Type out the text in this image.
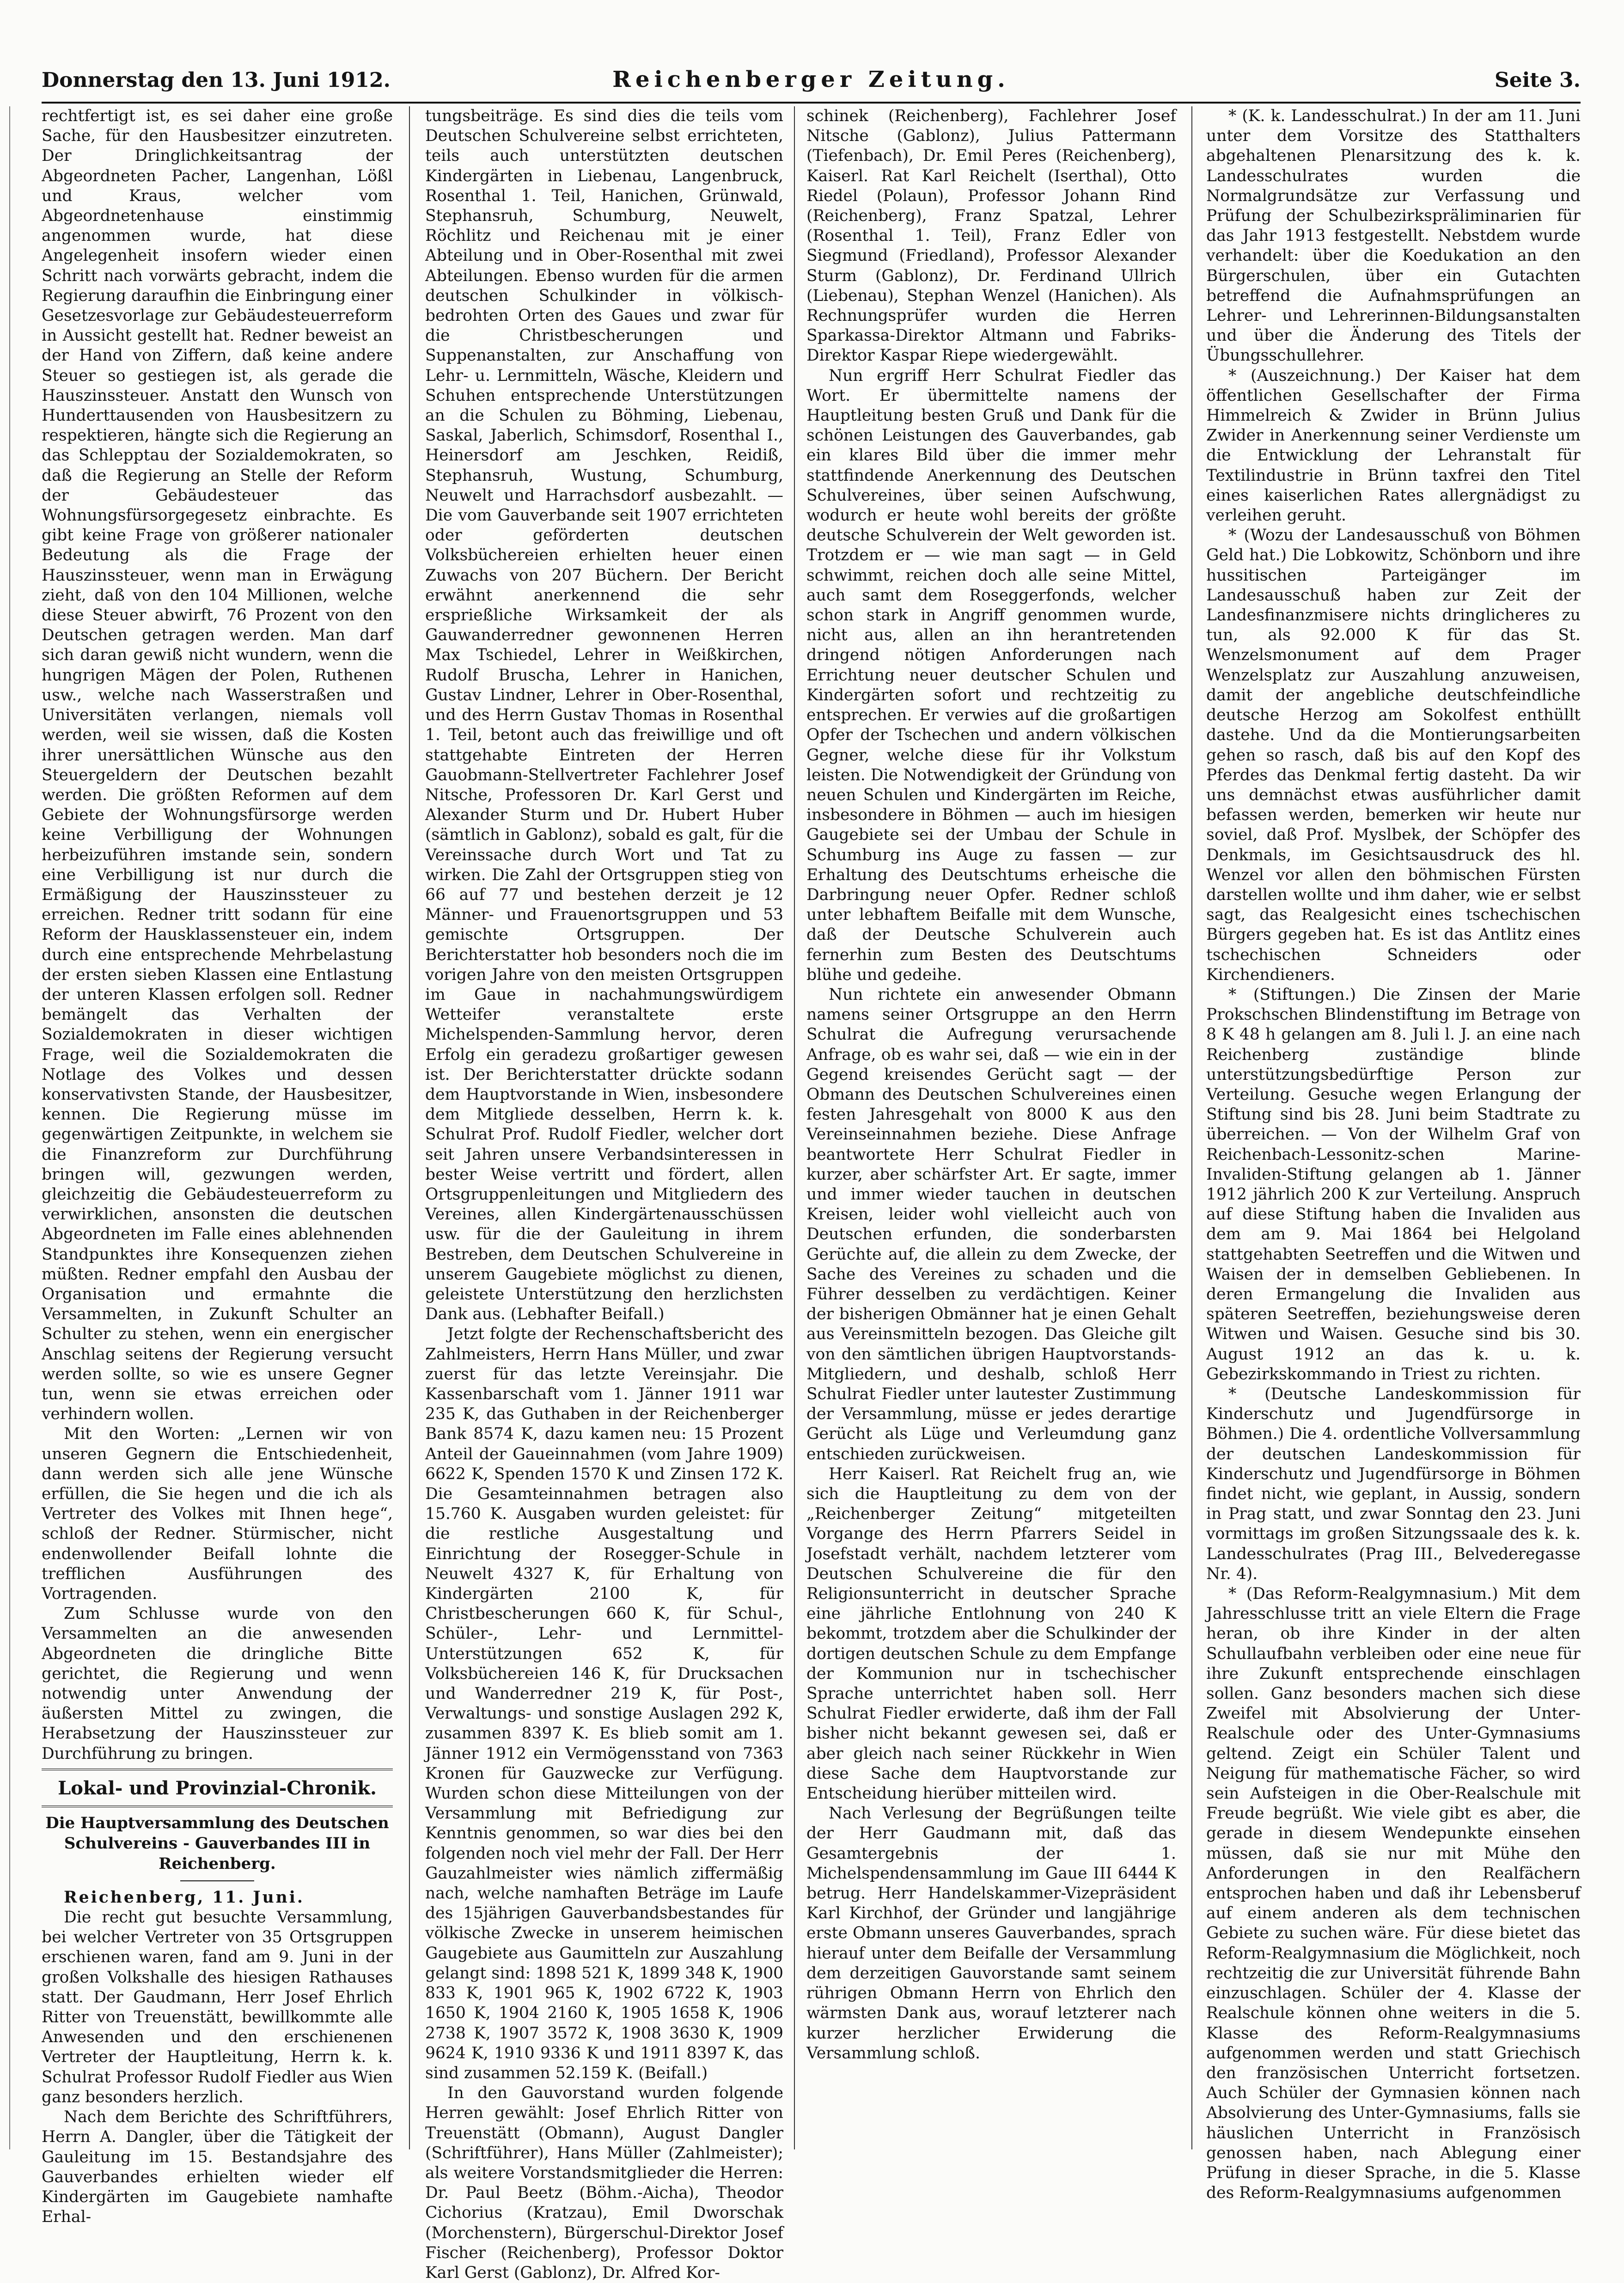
Donnerstag den 13. Juni 1912.	Reichenberger Zeitung.	Seite 3.

rechtfertigt ist, es sei daher eine große Sache, für den Hausbesitzer einzutreten. Der Dringlichkeitsantrag der Abgeordneten Pacher, Langenhan, Lößl und Kraus, welcher vom Abgeordnetenhause einstimmig angenommen wurde, hat diese Angelegenheit insofern wieder einen Schritt nach vorwärts gebracht, indem die Regierung daraufhin die Einbringung einer Gesetzesvorlage zur Gebäudesteuerreform in Aussicht gestellt hat. Redner beweist an der Hand von Ziffern, daß keine andere Steuer so gestiegen ist, als gerade die Hauszinssteuer. Anstatt den Wunsch von Hunderttausenden von Hausbesitzern zu respektieren, hängte sich die Regierung an das Schlepptau der Sozialdemokraten, so daß die Regierung an Stelle der Reform der Gebäudesteuer das Wohnungsfürsorgegesetz einbrachte. Es gibt keine Frage von größerer nationaler Bedeutung als die Frage der Hauszinssteuer, wenn man in Erwägung zieht, daß von den 104 Millionen, welche diese Steuer abwirft, 76 Prozent von den Deutschen getragen werden. Man darf sich daran gewiß nicht wundern, wenn die hungrigen Mägen der Polen, Ruthenen usw., welche nach Wasserstraßen und Universitäten verlangen, niemals voll werden, weil sie wissen, daß die Kosten ihrer unersättlichen Wünsche aus den Steuergeldern der Deutschen bezahlt werden. Die größten Reformen auf dem Gebiete der Wohnungsfürsorge werden keine Verbilligung der Wohnungen herbeizuführen imstande sein, sondern eine Verbilligung ist nur durch die Ermäßigung der Hauszinssteuer zu erreichen. Redner tritt sodann für eine Reform der Hausklassensteuer ein, indem durch eine entsprechende Mehrbelastung der ersten sieben Klassen eine Entlastung der unteren Klassen erfolgen soll. Redner bemängelt das Verhalten der Sozialdemokraten in dieser wichtigen Frage, weil die Sozialdemokraten die Notlage des Volkes und dessen konservativsten Stande, der Hausbesitzer, kennen. Die Regierung müsse im gegenwärtigen Zeitpunkte, in welchem sie die Finanzreform zur Durchführung bringen will, gezwungen werden, gleichzeitig die Gebäudesteuerreform zu verwirklichen, ansonsten die deutschen Abgeordneten im Falle eines ablehnenden Standpunktes ihre Konsequenzen ziehen müßten. Redner empfahl den Ausbau der Organisation und ermahnte die Versammelten, in Zukunft Schulter an Schulter zu stehen, wenn ein energischer Anschlag seitens der Regierung versucht werden sollte, so wie es unsere Gegner tun, wenn sie etwas erreichen oder verhindern wollen.

Mit den Worten: „Lernen wir von unseren Gegnern die Entschiedenheit, dann werden sich alle jene Wünsche erfüllen, die Sie hegen und die ich als Vertreter des Volkes mit Ihnen hege“, schloß der Redner. Stürmischer, nicht endenwollender Beifall lohnte die trefflichen Ausführungen des Vortragenden.

Zum Schlusse wurde von den Versammelten an die anwesenden Abgeordneten die dringliche Bitte gerichtet, die Regierung und wenn notwendig unter Anwendung der äußersten Mittel zu zwingen, die Herabsetzung der Hauszinssteuer zur Durchführung zu bringen.

Lokal- und Provinzial-Chronik.

Die Hauptversammlung des Deutschen
Schulvereins - Gauverbandes III in
Reichenberg.

Reichenberg, 11. Juni.

Die recht gut besuchte Versammlung, bei welcher Vertreter von 35 Ortsgruppen erschienen waren, fand am 9. Juni in der großen Volkshalle des hiesigen Rathauses statt. Der Gaudmann, Herr Josef Ehrlich Ritter von Treuenstätt, bewillkommte alle Anwesenden und den erschienenen Vertreter der Hauptleitung, Herrn k. k. Schulrat Professor Rudolf Fiedler aus Wien ganz besonders herzlich.

Nach dem Berichte des Schriftführers, Herrn A. Dangler, über die Tätigkeit der Gauleitung im 15. Bestandsjahre des Gauverbandes erhielten wieder elf Kindergärten im Gaugebiete namhafte Erhal-

tungsbeiträge. Es sind dies die teils vom Deutschen Schulvereine selbst errichteten, teils auch unterstützten deutschen Kindergärten in Liebenau, Langenbruck, Rosenthal 1. Teil, Hanichen, Grünwald, Stephansruh, Schumburg, Neuwelt, Röchlitz und Reichenau mit je einer Abteilung und in Ober-Rosenthal mit zwei Abteilungen. Ebenso wurden für die armen deutschen Schulkinder in völkisch-bedrohten Orten des Gaues und zwar für die Christbescherungen und Suppenanstalten, zur Anschaffung von Lehr- u. Lernmitteln, Wäsche, Kleidern und Schuhen entsprechende Unterstützungen an die Schulen zu Böhming, Liebenau, Saskal, Jaberlich, Schimsdorf, Rosenthal I., Heinersdorf am Jeschken, Reidiß, Stephansruh, Wustung, Schumburg, Neuwelt und Harrachsdorf ausbezahlt. — Die vom Gauverbande seit 1907 errichteten oder geförderten deutschen Volksbüchereien erhielten heuer einen Zuwachs von 207 Büchern. Der Bericht erwähnt anerkennend die sehr ersprießliche Wirksamkeit der als Gauwanderredner gewonnenen Herren Max Tschiedel, Lehrer in Weißkirchen, Rudolf Bruscha, Lehrer in Hanichen, Gustav Lindner, Lehrer in Ober-Rosenthal, und des Herrn Gustav Thomas in Rosenthal 1. Teil, betont auch das freiwillige und oft stattgehabte Eintreten der Herren Gauobmann-Stellvertreter Fachlehrer Josef Nitsche, Professoren Dr. Karl Gerst und Alexander Sturm und Dr. Hubert Huber (sämtlich in Gablonz), sobald es galt, für die Vereinssache durch Wort und Tat zu wirken. Die Zahl der Ortsgruppen stieg von 66 auf 77 und bestehen derzeit je 12 Männer- und Frauenortsgruppen und 53 gemischte Ortsgruppen. Der Berichterstatter hob besonders noch die im vorigen Jahre von den meisten Ortsgruppen im Gaue in nachahmungswürdigem Wetteifer veranstaltete erste Michelspenden-Sammlung hervor, deren Erfolg ein geradezu großartiger gewesen ist. Der Berichterstatter drückte sodann dem Hauptvorstande in Wien, insbesondere dem Mitgliede desselben, Herrn k. k. Schulrat Prof. Rudolf Fiedler, welcher dort seit Jahren unsere Verbandsinteressen in bester Weise vertritt und fördert, allen Ortsgruppenleitungen und Mitgliedern des Vereines, allen Kindergärtenausschüssen usw. für die der Gauleitung in ihrem Bestreben, dem Deutschen Schulvereine in unserem Gaugebiete möglichst zu dienen, geleistete Unterstützung den herzlichsten Dank aus. (Lebhafter Beifall.)

Jetzt folgte der Rechenschaftsbericht des Zahlmeisters, Herrn Hans Müller, und zwar zuerst für das letzte Vereinsjahr. Die Kassenbarschaft vom 1. Jänner 1911 war 235 K, das Guthaben in der Reichenberger Bank 8574 K, dazu kamen neu: 15 Prozent Anteil der Gaueinnahmen (vom Jahre 1909) 6622 K, Spenden 1570 K und Zinsen 172 K. Die Gesamteinnahmen betragen also 15.760 K. Ausgaben wurden geleistet: für die restliche Ausgestaltung und Einrichtung der Rosegger-Schule in Neuwelt 4327 K, für Erhaltung von Kindergärten 2100 K, für Christbescherungen 660 K, für Schul-, Schüler-, Lehr- und Lernmittel-Unterstützungen 652 K, für Volksbüchereien 146 K, für Drucksachen und Wanderredner 219 K, für Post-, Verwaltungs- und sonstige Auslagen 292 K, zusammen 8397 K. Es blieb somit am 1. Jänner 1912 ein Vermögensstand von 7363 Kronen für Gauzwecke zur Verfügung. Wurden schon diese Mitteilungen von der Versammlung mit Befriedigung zur Kenntnis genommen, so war dies bei den folgenden noch viel mehr der Fall. Der Herr Gauzahlmeister wies nämlich ziffermäßig nach, welche namhaften Beträge im Laufe des 15jährigen Gauverbandsbestandes für völkische Zwecke in unserem heimischen Gaugebiete aus Gaumitteln zur Auszahlung gelangt sind: 1898 521 K, 1899 348 K, 1900 833 K, 1901 965 K, 1902 6722 K, 1903 1650 K, 1904 2160 K, 1905 1658 K, 1906 2738 K, 1907 3572 K, 1908 3630 K, 1909 9624 K, 1910 9336 K und 1911 8397 K, das sind zusammen 52.159 K. (Beifall.)

In den Gauvorstand wurden folgende Herren gewählt: Josef Ehrlich Ritter von Treuenstätt (Obmann), August Dangler (Schriftführer), Hans Müller (Zahlmeister); als weitere Vorstandsmitglieder die Herren: Dr. Paul Beetz (Böhm.-Aicha), Theodor Cichorius (Kratzau), Emil Dworschak (Morchenstern), Bürgerschul-Direktor Josef Fischer (Reichenberg), Professor Doktor Karl Gerst (Gablonz), Dr. Alfred Kor-

schinek (Reichenberg), Fachlehrer Josef Nitsche (Gablonz), Julius Pattermann (Tiefenbach), Dr. Emil Peres (Reichenberg), Kaiserl. Rat Karl Reichelt (Iserthal), Otto Riedel (Polaun), Professor Johann Rind (Reichenberg), Franz Spatzal, Lehrer (Rosenthal 1. Teil), Franz Edler von Siegmund (Friedland), Professor Alexander Sturm (Gablonz), Dr. Ferdinand Ullrich (Liebenau), Stephan Wenzel (Hanichen). Als Rechnungsprüfer wurden die Herren Sparkassa-Direktor Altmann und Fabriks-Direktor Kaspar Riepe wiedergewählt.

Nun ergriff Herr Schulrat Fiedler das Wort. Er übermittelte namens der Hauptleitung besten Gruß und Dank für die schönen Leistungen des Gauverbandes, gab ein klares Bild über die immer mehr stattfindende Anerkennung des Deutschen Schulvereines, über seinen Aufschwung, wodurch er heute wohl bereits der größte deutsche Schulverein der Welt geworden ist. Trotzdem er — wie man sagt — in Geld schwimmt, reichen doch alle seine Mittel, auch samt dem Roseggerfonds, welcher schon stark in Angriff genommen wurde, nicht aus, allen an ihn herantretenden dringend nötigen Anforderungen nach Errichtung neuer deutscher Schulen und Kindergärten sofort und rechtzeitig zu entsprechen. Er verwies auf die großartigen Opfer der Tschechen und andern völkischen Gegner, welche diese für ihr Volkstum leisten. Die Notwendigkeit der Gründung von neuen Schulen und Kindergärten im Reiche, insbesondere in Böhmen — auch im hiesigen Gaugebiete sei der Umbau der Schule in Schumburg ins Auge zu fassen — zur Erhaltung des Deutschtums erheische die Darbringung neuer Opfer. Redner schloß unter lebhaftem Beifalle mit dem Wunsche, daß der Deutsche Schulverein auch fernerhin zum Besten des Deutschtums blühe und gedeihe.

Nun richtete ein anwesender Obmann namens seiner Ortsgruppe an den Herrn Schulrat die Aufregung verursachende Anfrage, ob es wahr sei, daß — wie ein in der Gegend kreisendes Gerücht sagt — der Obmann des Deutschen Schulvereines einen festen Jahresgehalt von 8000 K aus den Vereinseinnahmen beziehe. Diese Anfrage beantwortete Herr Schulrat Fiedler in kurzer, aber schärfster Art. Er sagte, immer und immer wieder tauchen in deutschen Kreisen, leider wohl vielleicht auch von Deutschen erfunden, die sonderbarsten Gerüchte auf, die allein zu dem Zwecke, der Sache des Vereines zu schaden und die Führer desselben zu verdächtigen. Keiner der bisherigen Obmänner hat je einen Gehalt aus Vereinsmitteln bezogen. Das Gleiche gilt von den sämtlichen übrigen Hauptvorstands-Mitgliedern, und deshalb, schloß Herr Schulrat Fiedler unter lautester Zustimmung der Versammlung, müsse er jedes derartige Gerücht als Lüge und Verleumdung ganz entschieden zurückweisen.

Herr Kaiserl. Rat Reichelt frug an, wie sich die Hauptleitung zu dem von der „Reichenberger Zeitung“ mitgeteilten Vorgange des Herrn Pfarrers Seidel in Josefstadt verhält, nachdem letzterer vom Deutschen Schulvereine die für den Religionsunterricht in deutscher Sprache eine jährliche Entlohnung von 240 K bekommt, trotzdem aber die Schulkinder der dortigen deutschen Schule zu dem Empfange der Kommunion nur in tschechischer Sprache unterrichtet haben soll. Herr Schulrat Fiedler erwiderte, daß ihm der Fall bisher nicht bekannt gewesen sei, daß er aber gleich nach seiner Rückkehr in Wien diese Sache dem Hauptvorstande zur Entscheidung hierüber mitteilen wird.

Nach Verlesung der Begrüßungen teilte der Herr Gaudmann mit, daß das Gesamtergebnis der 1. Michelspendensammlung im Gaue III 6444 K betrug. Herr Handelskammer-Vizepräsident Karl Kirchhof, der Gründer und langjährige erste Obmann unseres Gauverbandes, sprach hierauf unter dem Beifalle der Versammlung dem derzeitigen Gauvorstande samt seinem rührigen Obmann Herrn von Ehrlich den wärmsten Dank aus, worauf letzterer nach kurzer herzlicher Erwiderung die Versammlung schloß.

* (K. k. Landesschulrat.) In der am 11. Juni unter dem Vorsitze des Statthalters abgehaltenen Plenarsitzung des k. k. Landesschulrates wurden die Normalgrundsätze zur Verfassung und Prüfung der Schulbezirkspräliminarien für das Jahr 1913 festgestellt. Nebstdem wurde verhandelt: über die Koedukation an den Bürgerschulen, über ein Gutachten betreffend die Aufnahmsprüfungen an Lehrer- und Lehrerinnen-Bildungsanstalten und über die Änderung des Titels der Übungsschullehrer.

* (Auszeichnung.) Der Kaiser hat dem öffentlichen Gesellschafter der Firma Himmelreich & Zwider in Brünn Julius Zwider in Anerkennung seiner Verdienste um die Entwicklung der Lehranstalt für Textilindustrie in Brünn taxfrei den Titel eines kaiserlichen Rates allergnädigst zu verleihen geruht.

* (Wozu der Landesausschuß von Böhmen Geld hat.) Die Lobkowitz, Schönborn und ihre hussitischen Parteigänger im Landesausschuß haben zur Zeit der Landesfinanzmisere nichts dringlicheres zu tun, als 92.000 K für das St. Wenzelsmonument auf dem Prager Wenzelsplatz zur Auszahlung anzuweisen, damit der angebliche deutschfeindliche deutsche Herzog am Sokolfest enthüllt dastehe. Und da die Montierungsarbeiten gehen so rasch, daß bis auf den Kopf des Pferdes das Denkmal fertig dasteht. Da wir uns demnächst etwas ausführlicher damit befassen werden, bemerken wir heute nur soviel, daß Prof. Myslbek, der Schöpfer des Denkmals, im Gesichtsausdruck des hl. Wenzel vor allen den böhmischen Fürsten darstellen wollte und ihm daher, wie er selbst sagt, das Realgesicht eines tschechischen Bürgers gegeben hat. Es ist das Antlitz eines tschechischen Schneiders oder Kirchendieners.

* (Stiftungen.) Die Zinsen der Marie Prokschschen Blindenstiftung im Betrage von 8 K 48 h gelangen am 8. Juli l. J. an eine nach Reichenberg zuständige blinde unterstützungsbedürftige Person zur Verteilung. Gesuche wegen Erlangung der Stiftung sind bis 28. Juni beim Stadtrate zu überreichen. — Von der Wilhelm Graf von Reichenbach-Lessonitz-schen Marine-Invaliden-Stiftung gelangen ab 1. Jänner 1912 jährlich 200 K zur Verteilung. Anspruch auf diese Stiftung haben die Invaliden aus dem am 9. Mai 1864 bei Helgoland stattgehabten Seetreffen und die Witwen und Waisen der in demselben Gebliebenen. In deren Ermangelung die Invaliden aus späteren Seetreffen, beziehungsweise deren Witwen und Waisen. Gesuche sind bis 30. August 1912 an das k. u. k. Gebezirkskommando in Triest zu richten.

* (Deutsche Landeskommission für Kinderschutz und Jugendfürsorge in Böhmen.) Die 4. ordentliche Vollversammlung der deutschen Landeskommission für Kinderschutz und Jugendfürsorge in Böhmen findet nicht, wie geplant, in Aussig, sondern in Prag statt, und zwar Sonntag den 23. Juni vormittags im großen Sitzungssaale des k. k. Landesschulrates (Prag III., Belvederegasse Nr. 4).

* (Das Reform-Realgymnasium.) Mit dem Jahresschlusse tritt an viele Eltern die Frage heran, ob ihre Kinder in der alten Schullaufbahn verbleiben oder eine neue für ihre Zukunft entsprechende einschlagen sollen. Ganz besonders machen sich diese Zweifel mit Absolvierung der Unter-Realschule oder des Unter-Gymnasiums geltend. Zeigt ein Schüler Talent und Neigung für mathematische Fächer, so wird sein Aufsteigen in die Ober-Realschule mit Freude begrüßt. Wie viele gibt es aber, die gerade in diesem Wendepunkte einsehen müssen, daß sie nur mit Mühe den Anforderungen in den Realfächern entsprochen haben und daß ihr Lebensberuf auf einem anderen als dem technischen Gebiete zu suchen wäre. Für diese bietet das Reform-Realgymnasium die Möglichkeit, noch rechtzeitig die zur Universität führende Bahn einzuschlagen. Schüler der 4. Klasse der Realschule können ohne weiters in die 5. Klasse des Reform-Realgymnasiums aufgenommen werden und statt Griechisch den französischen Unterricht fortsetzen. Auch Schüler der Gymnasien können nach Absolvierung des Unter-Gymnasiums, falls sie häuslichen Unterricht in Französisch genossen haben, nach Ablegung einer Prüfung in dieser Sprache, in die 5. Klasse des Reform-Realgymnasiums aufgenommen
